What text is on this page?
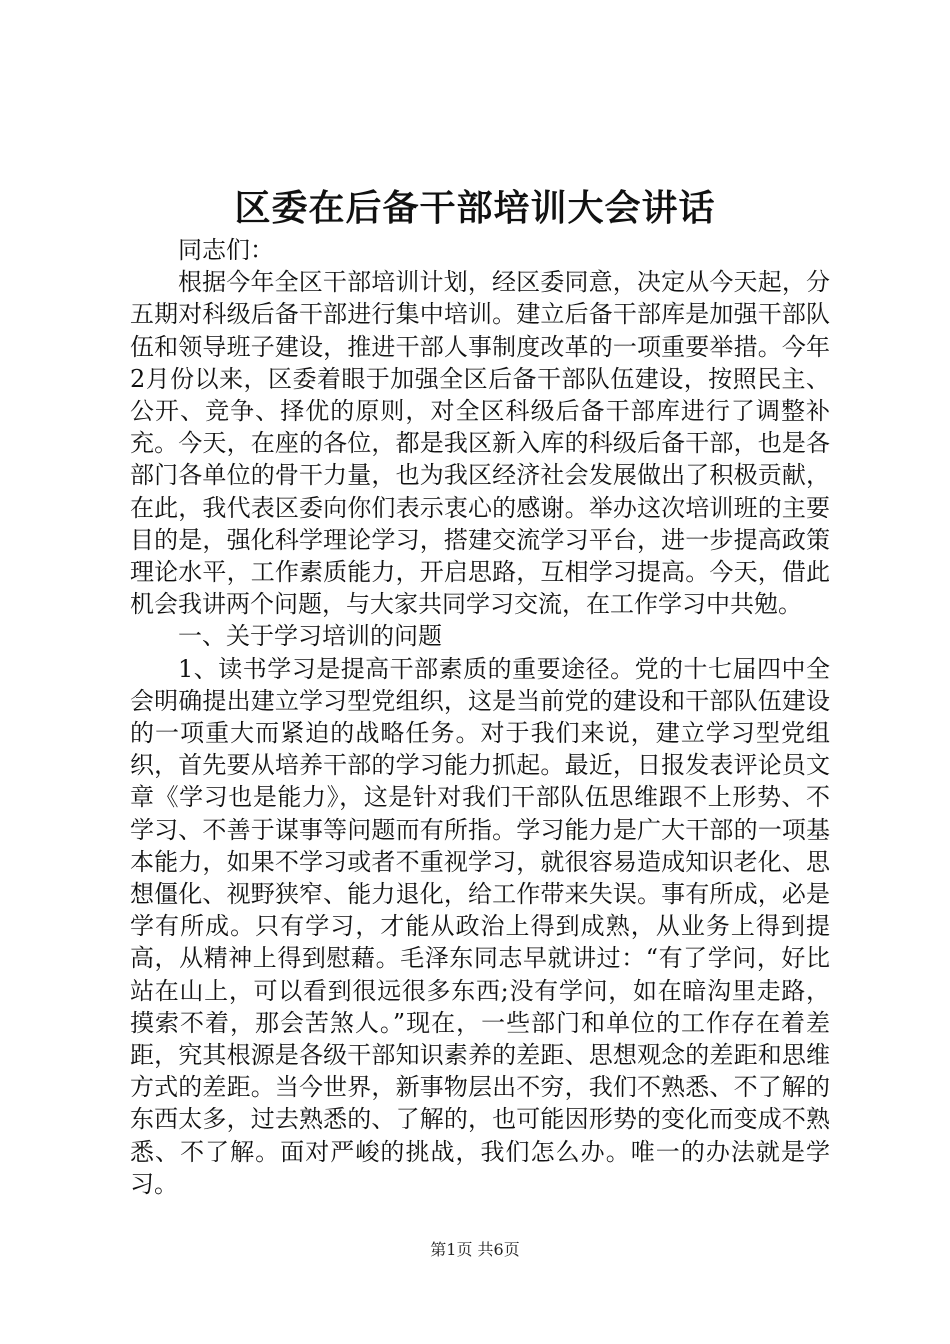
区委在后备干部培训大会讲话

同志们：

根据今年全区干部培训计划，经区委同意，决定从今天起，分五期对科级后备干部进行集中培训。建立后备干部库是加强干部队伍和领导班子建设，推进干部人事制度改革的一项重要举措。今年2月份以来，区委着眼于加强全区后备干部队伍建设，按照民主、公开、竞争、择优的原则，对全区科级后备干部库进行了调整补充。今天，在座的各位，都是我区新入库的科级后备干部，也是各部门各单位的骨干力量，也为我区经济社会发展做出了积极贡献，在此，我代表区委向你们表示衷心的感谢。举办这次培训班的主要目的是，强化科学理论学习，搭建交流学习平台，进一步提高政策理论水平，工作素质能力，开启思路，互相学习提高。今天，借此机会我讲两个问题，与大家共同学习交流，在工作学习中共勉。

一、关于学习培训的问题

1、读书学习是提高干部素质的重要途径。党的十七届四中全会明确提出建立学习型党组织，这是当前党的建设和干部队伍建设的一项重大而紧迫的战略任务。对于我们来说，建立学习型党组织，首先要从培养干部的学习能力抓起。最近，日报发表评论员文章《学习也是能力》，这是针对我们干部队伍思维跟不上形势、不学习、不善于谋事等问题而有所指。学习能力是广大干部的一项基本能力，如果不学习或者不重视学习，就很容易造成知识老化、思想僵化、视野狭窄、能力退化，给工作带来失误。事有所成，必是学有所成。只有学习，才能从政治上得到成熟，从业务上得到提高，从精神上得到慰藉。毛泽东同志早就讲过：“有了学问，好比站在山上，可以看到很远很多东西;没有学问，如在暗沟里走路，摸索不着，那会苦煞人。”现在，一些部门和单位的工作存在着差距，究其根源是各级干部知识素养的差距、思想观念的差距和思维方式的差距。当今世界，新事物层出不穷，我们不熟悉、不了解的东西太多，过去熟悉的、了解的，也可能因形势的变化而变成不熟悉、不了解。面对严峻的挑战，我们怎么办。唯一的办法就是学习。

第1页 共6页
